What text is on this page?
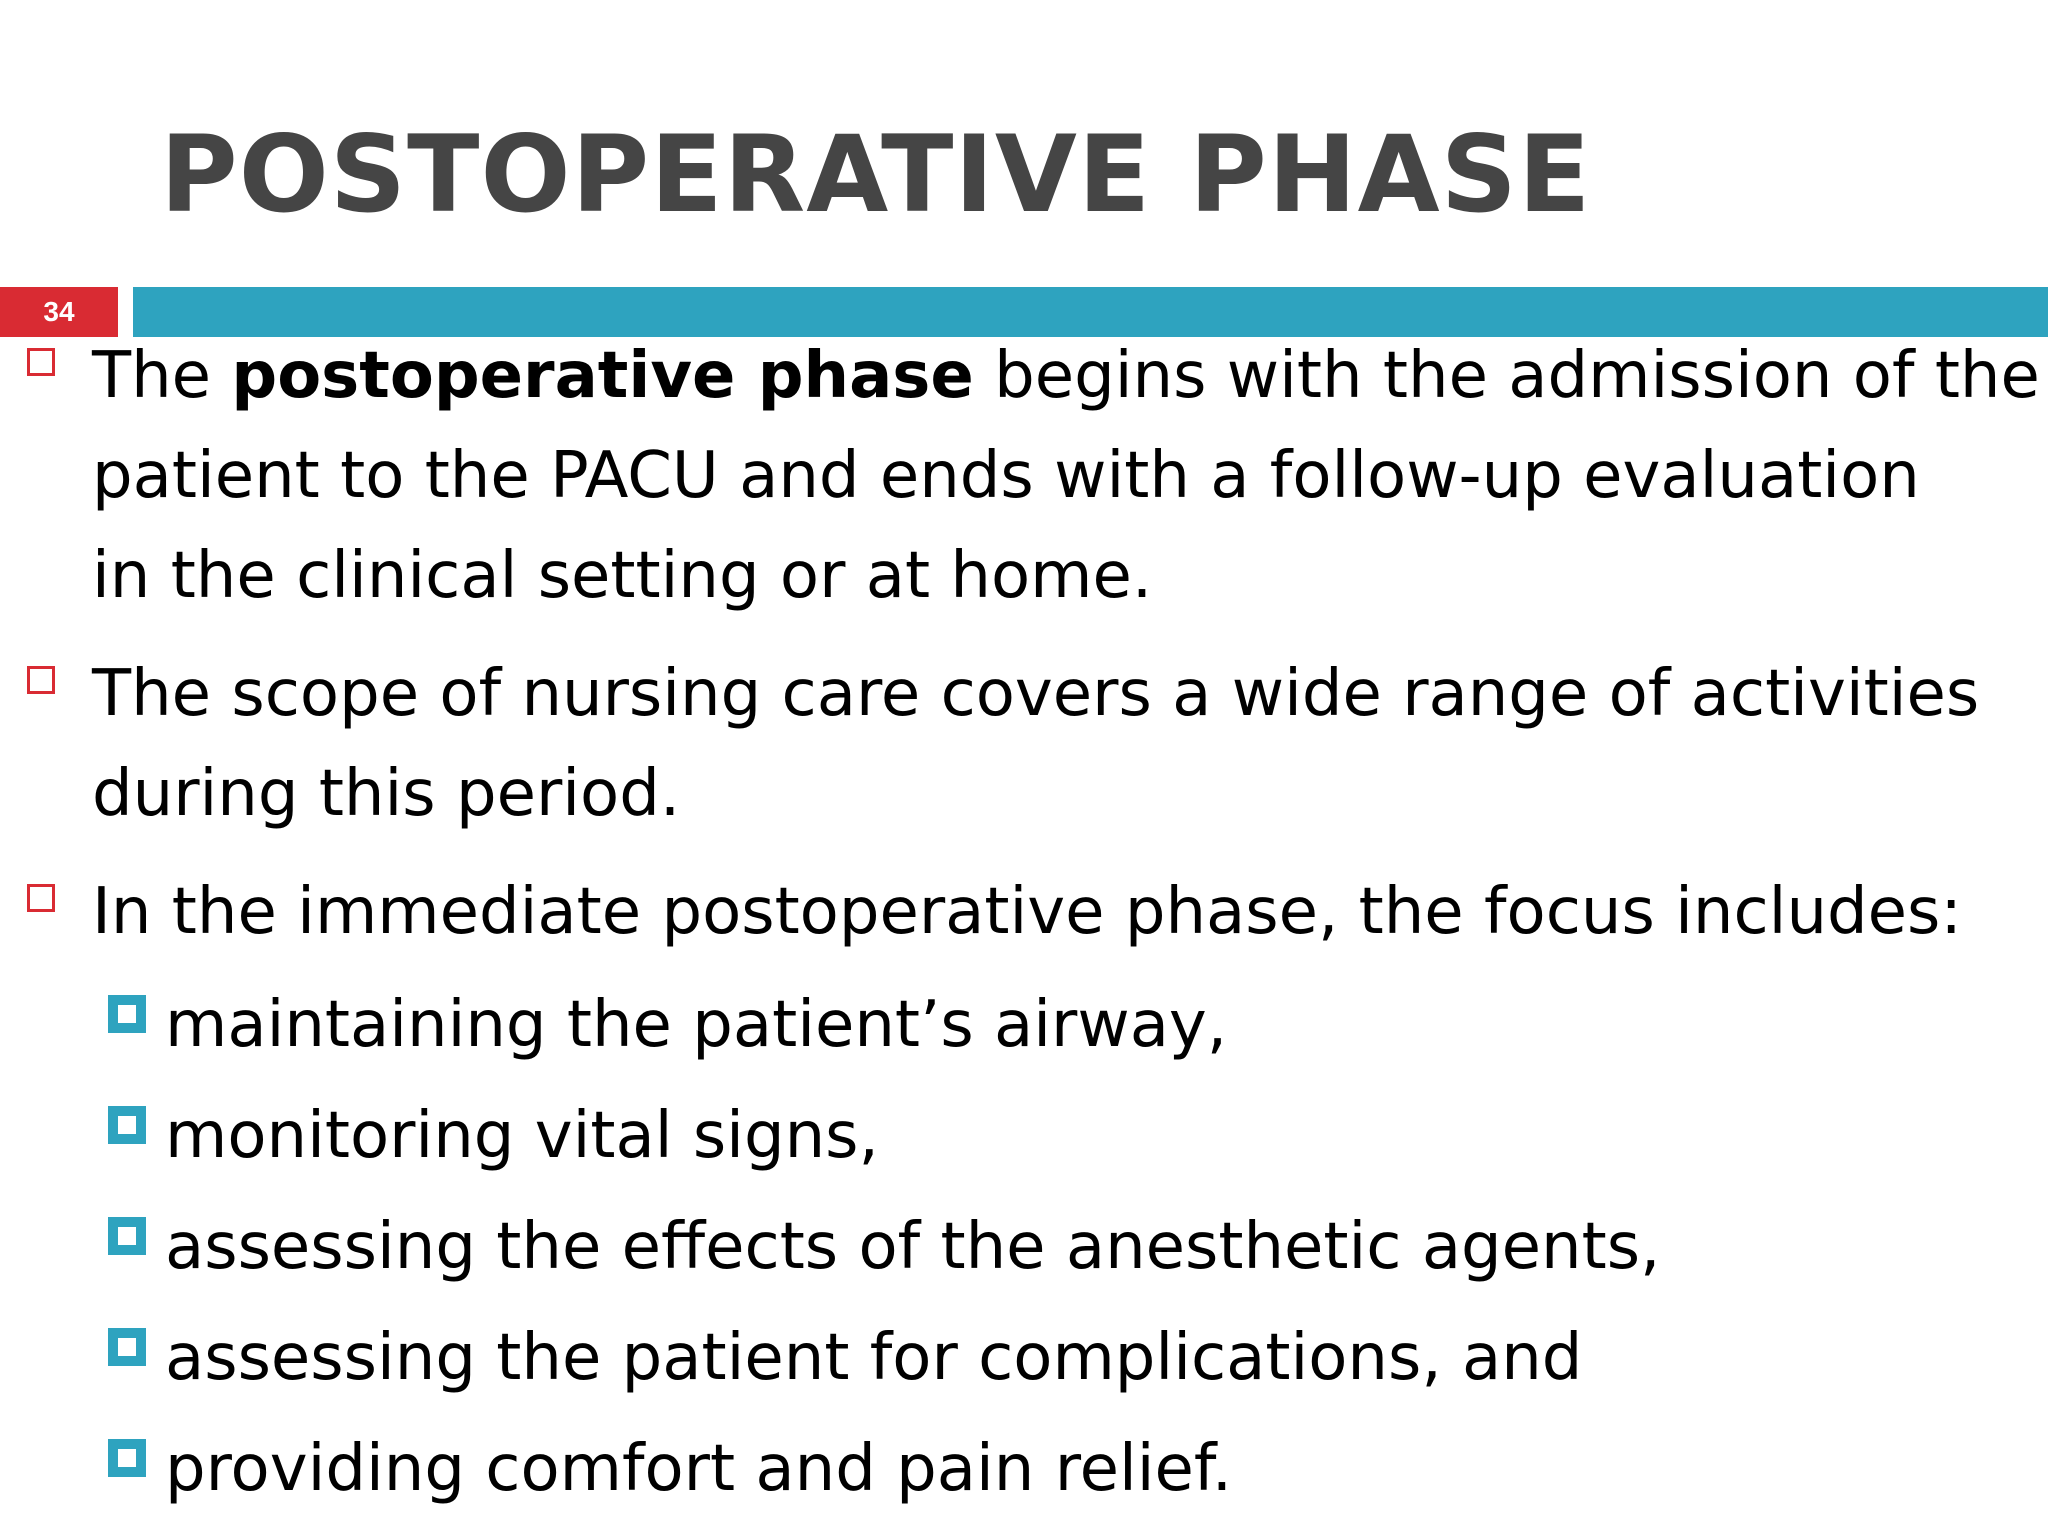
POSTOPERATIVE PHASE
34
The postoperative phase begins with the admission of the
patient to the PACU and ends with a follow-up evaluation
in the clinical setting or at home.
The scope of nursing care covers a wide range of activities
during this period.
In the immediate postoperative phase, the focus includes:
maintaining the patient’s airway,
monitoring vital signs,
assessing the effects of the anesthetic agents,
assessing the patient for complications, and
providing comfort and pain relief.
